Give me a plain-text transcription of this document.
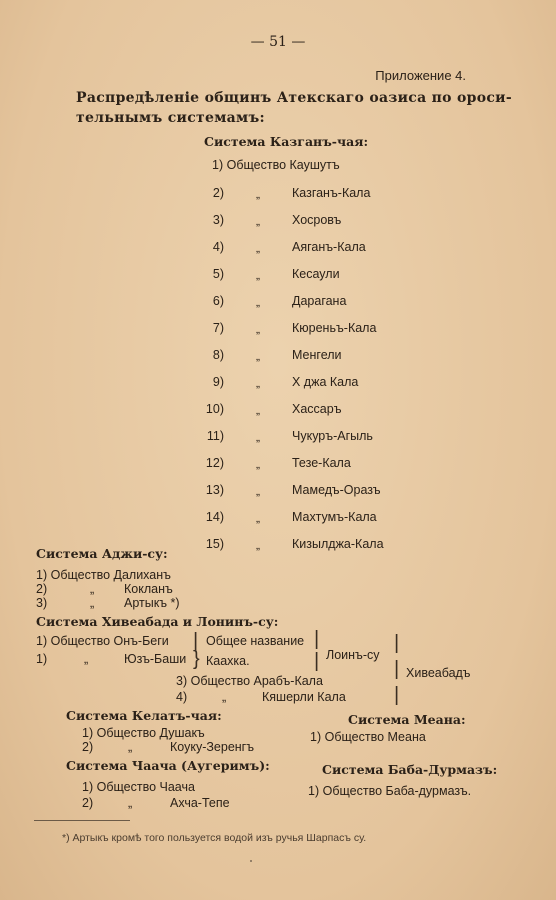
— 51 —
Приложение 4.
Распредѣленіе общинъ Атекскаго оазиса по ороси-
тельнымъ системамъ:
Система Казганъ-чая:
1) Общество Каушутъ
2)	„	Казганъ-Кала
3)	„	Хосровъ
4)	„	Аяганъ-Кала
5)	„	Кесаули
6)	„	Дарагана
7)	„	Кюреньъ-Кала
8)	„	Менгели
9)	„	Х джа Кала
10)	„	Хассаръ
11)	„	Чукуръ-Агыль
12)	„	Тезе-Кала
13)	„	Мамедъ-Оразъ
14)	„	Махтумъ-Кала
15)	„	Кизылджа-Кала
Система Аджи-су:
1) Общество Далиханъ
2)	„ Кокланъ
3)	„ Артыкъ *)
Система Хивеабада и Лонинъ-су:
1) Общество Онъ-Беги
1)	„	Юзъ-Баши
|
}
Общее название
Каахка.
|
| Лоинъ-су
|
|
|
Хивеабадъ
3) Общество Арабъ-Кала
4)	„	Кяшерли Кала
Система Келатъ-чая:
1) Общество Душакъ
2)	„	Коуку-Зеренгъ
Система Меана:
1) Общество Меана
Система Чаача (Аугеримъ):
1) Общество Чаача
2)	„	Ахча-Тепе
Система Баба-Дурмазъ:
1) Общество Баба-дурмазъ.
*) Артыкъ кромѣ того пользуется водой изъ ручья Шарпасъ су.
